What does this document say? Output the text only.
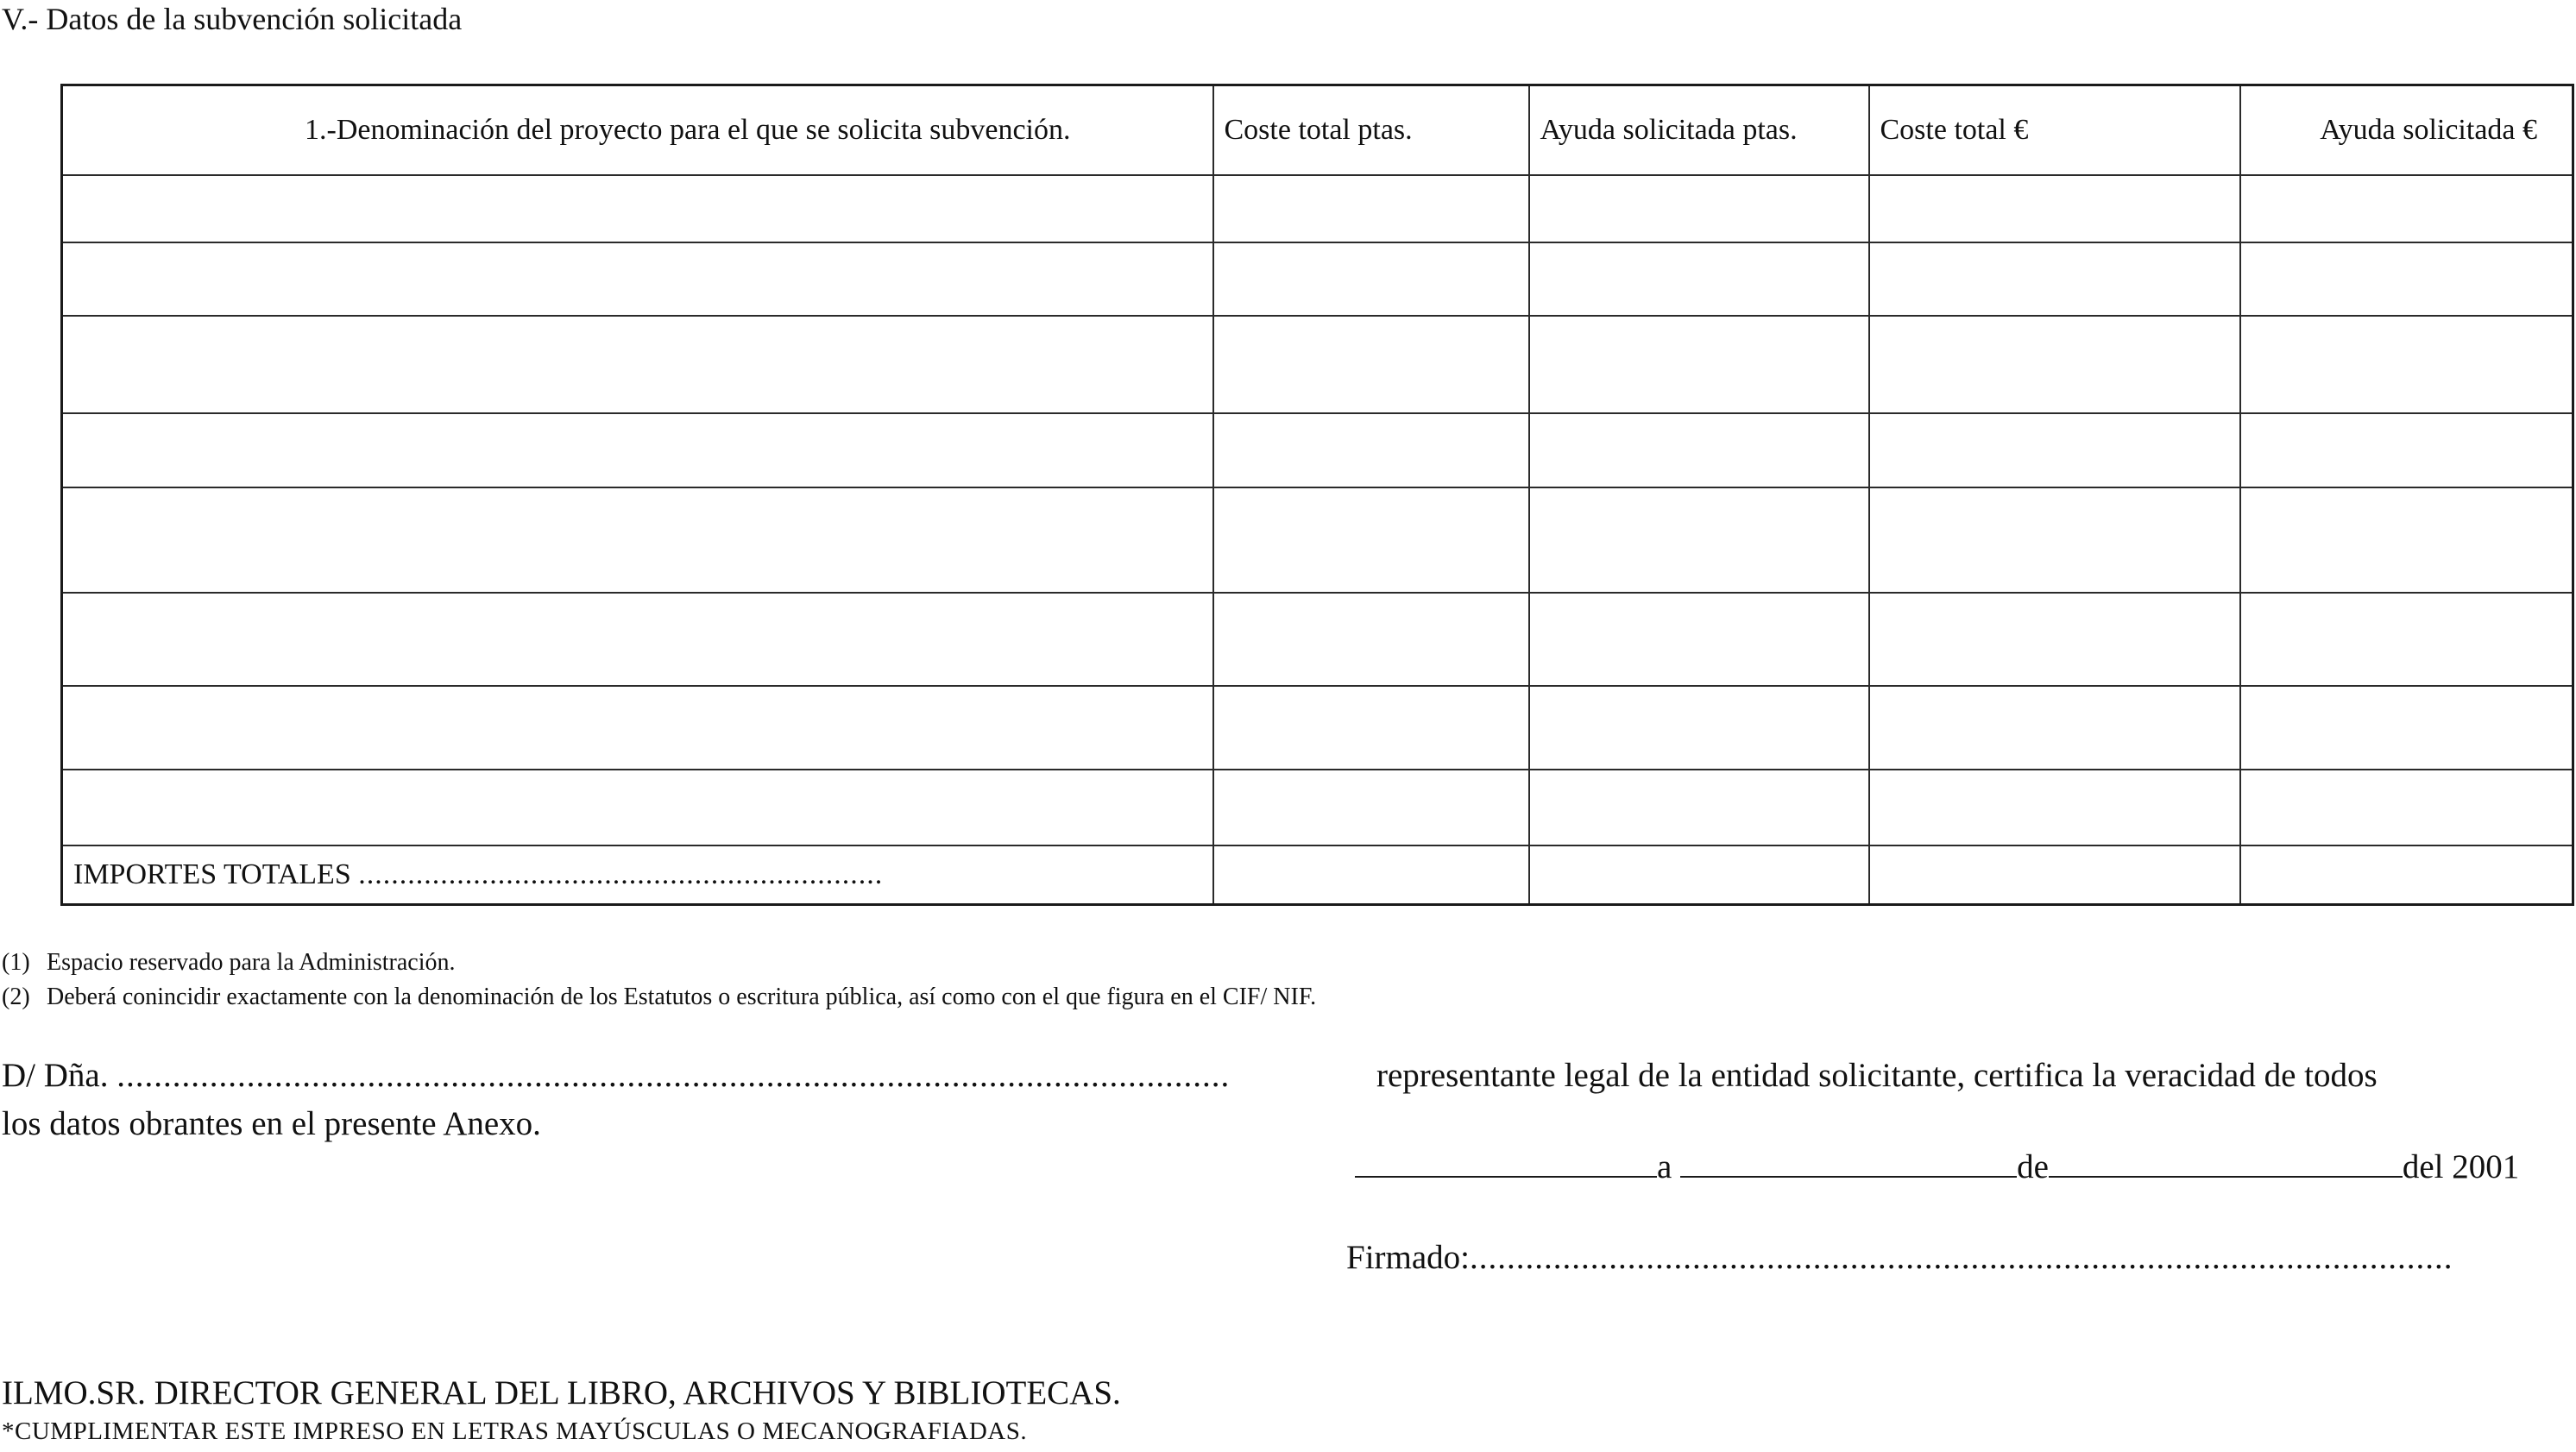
V.- Datos de la subvención solicitada
1.-Denominación del proyecto para el que se solicita subvención.	Coste total ptas.	Ayuda solicitada ptas.	Coste total €	Ayuda solicitada €

IMPORTES TOTALES ................................................................				
(1) Espacio reservado para la Administración.
(2) Deberá conincidir exactamente con la denominación de los Estatutos o escritura pública, así como con el que figura en el CIF/ NIF.
D/ Dña. ........................................................................................................................	representante legal de la entidad solicitante, certifica la veracidad de todos
los datos obrantes en el presente Anexo.
a	de	del 2001
Firmado:..........................................................................................................
ILMO.SR. DIRECTOR GENERAL DEL LIBRO, ARCHIVOS Y BIBLIOTECAS.
*CUMPLIMENTAR ESTE IMPRESO EN LETRAS MAYÚSCULAS O MECANOGRAFIADAS.
